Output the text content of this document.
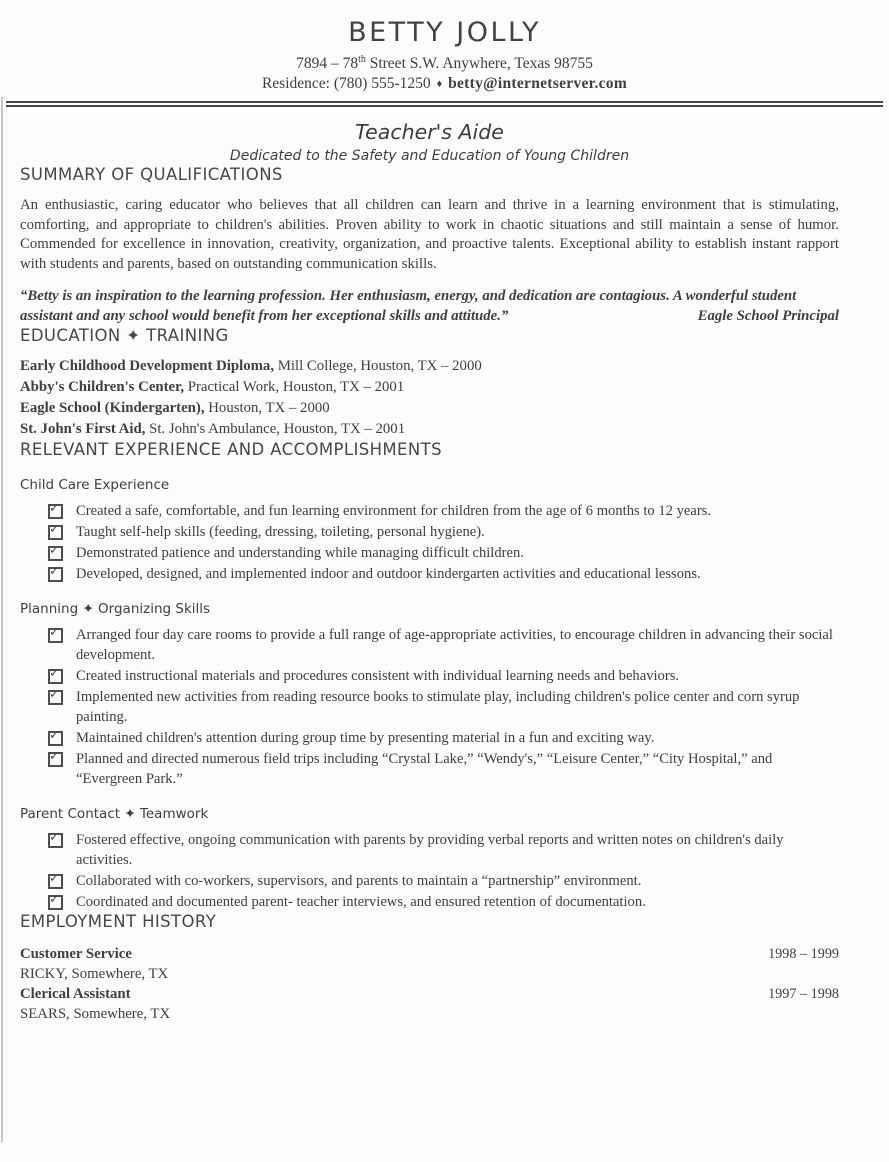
BETTY JOLLY
7894 – 78th Street S.W. Anywhere, Texas 98755
Residence: (780) 555-1250 ♦ betty@internetserver.com
Teacher's Aide
Dedicated to the Safety and Education of Young Children
SUMMARY OF QUALIFICATIONS

An enthusiastic, caring educator who believes that all children can learn and thrive in a learning environment that is stimulating, comforting, and appropriate to children's abilities. Proven ability to work in chaotic situations and still maintain a sense of humor. Commended for excellence in innovation, creativity, organization, and proactive talents. Exceptional ability to establish instant rapport with students and parents, based on outstanding communication skills.

“Betty is an inspiration to the learning profession. Her enthusiasm, energy, and dedication are contagious. A wonderful student assistant and any school would benefit from her exceptional skills and attitude.”	Eagle School Principal
EDUCATION ✦ TRAINING
Early Childhood Development Diploma, Mill College, Houston, TX – 2000
Abby's Children's Center, Practical Work, Houston, TX – 2001
Eagle School (Kindergarten), Houston, TX – 2000
St. John's First Aid, St. John's Ambulance, Houston, TX – 2001
RELEVANT EXPERIENCE AND ACCOMPLISHMENTS
Child Care Experience
✓ Created a safe, comfortable, and fun learning environment for children from the age of 6 months to 12 years.
✓ Taught self-help skills (feeding, dressing, toileting, personal hygiene).
✓ Demonstrated patience and understanding while managing difficult children.
✓ Developed, designed, and implemented indoor and outdoor kindergarten activities and educational lessons.
Planning ✦ Organizing Skills
✓ Arranged four day care rooms to provide a full range of age-appropriate activities, to encourage children in advancing their social development.
✓ Created instructional materials and procedures consistent with individual learning needs and behaviors.
✓ Implemented new activities from reading resource books to stimulate play, including children's police center and corn syrup painting.
✓ Maintained children's attention during group time by presenting material in a fun and exciting way.
✓ Planned and directed numerous field trips including “Crystal Lake,” “Wendy's,” “Leisure Center,” “City Hospital,” and “Evergreen Park.”
Parent Contact ✦ Teamwork
✓ Fostered effective, ongoing communication with parents by providing verbal reports and written notes on children's daily activities.
✓ Collaborated with co-workers, supervisors, and parents to maintain a “partnership” environment.
✓ Coordinated and documented parent- teacher interviews, and ensured retention of documentation.
EMPLOYMENT HISTORY
Customer Service	1998 – 1999
RICKY, Somewhere, TX
Clerical Assistant	1997 – 1998
SEARS, Somewhere, TX
